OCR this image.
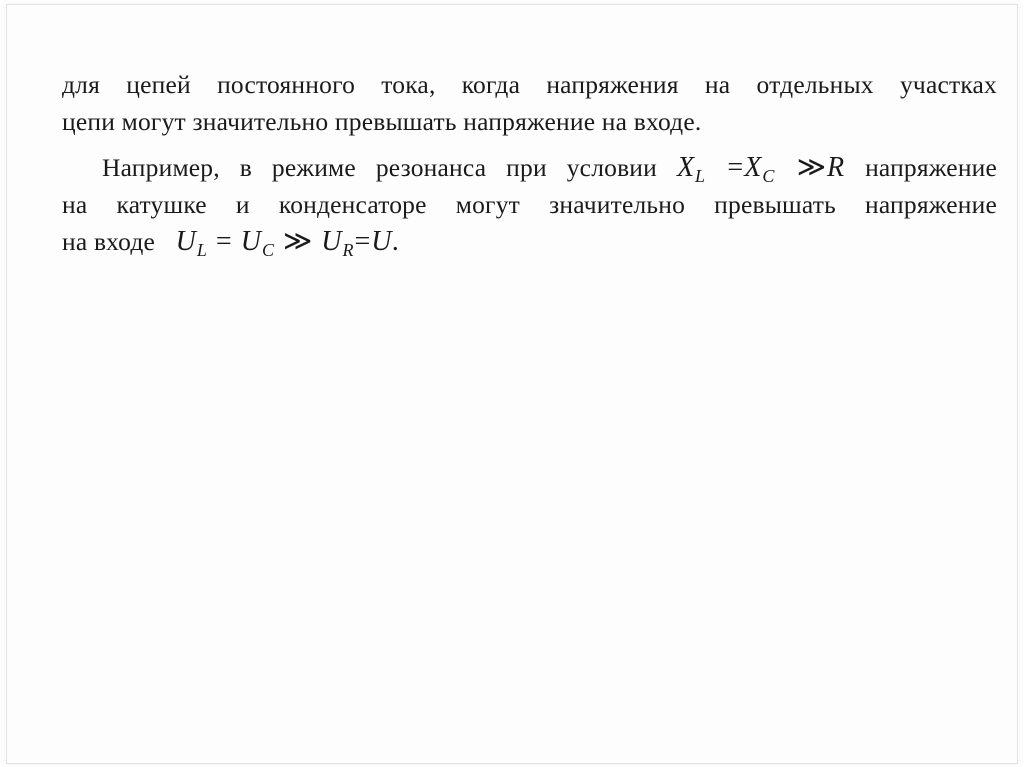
для цепей постоянного тока, когда напряжения на отдельных участках
цепи могут значительно превышать напряжение на входе.
Например, в режиме резонанса при условии $X_L =X_C$ ≫R напряжение
на катушке и конденсаторе могут значительно превышать напряжение
на входе $U_L = U_C$ ≫ $U_R=U$.
